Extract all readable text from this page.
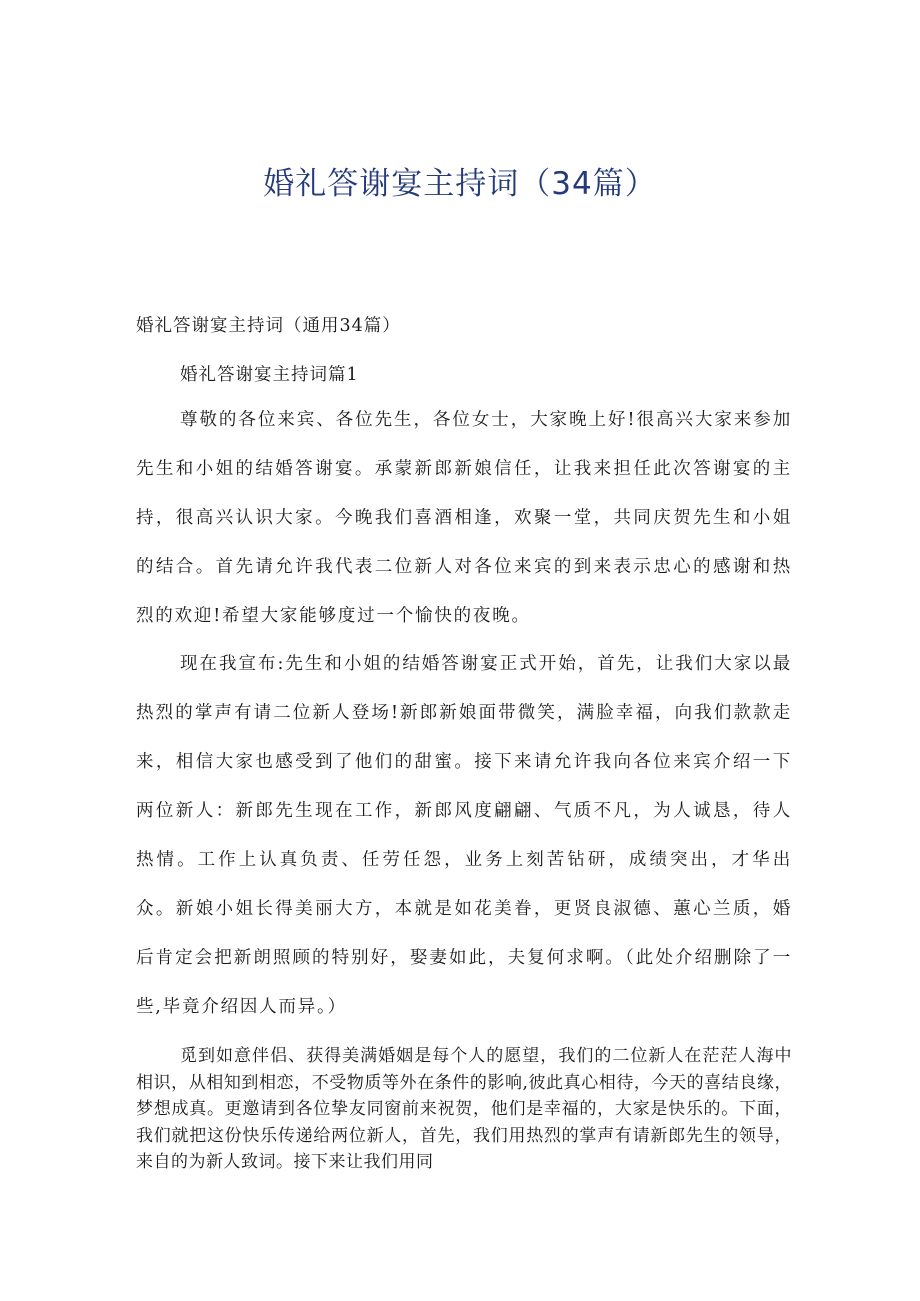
婚礼答谢宴主持词（34篇）

婚礼答谢宴主持词（通用34篇）

婚礼答谢宴主持词篇1

尊敬的各位来宾、各位先生，各位女士，大家晚上好!很高兴大家来参加先生和小姐的结婚答谢宴。承蒙新郎新娘信任，让我来担任此次答谢宴的主持，很高兴认识大家。今晚我们喜酒相逢，欢聚一堂，共同庆贺先生和小姐的结合。首先请允许我代表二位新人对各位来宾的到来表示忠心的感谢和热烈的欢迎!希望大家能够度过一个愉快的夜晚。

现在我宣布:先生和小姐的结婚答谢宴正式开始，首先，让我们大家以最热烈的掌声有请二位新人登场!新郎新娘面带微笑，满脸幸福，向我们款款走来，相信大家也感受到了他们的甜蜜。接下来请允许我向各位来宾介绍一下两位新人：新郎先生现在工作，新郎风度翩翩、气质不凡，为人诚恳，待人热情。工作上认真负责、任劳任怨，业务上刻苦钻研，成绩突出，才华出众。新娘小姐长得美丽大方，本就是如花美眷，更贤良淑德、蕙心兰质，婚后肯定会把新朗照顾的特别好，娶妻如此，夫复何求啊。（此处介绍删除了一些,毕竟介绍因人而异。）

觅到如意伴侣、获得美满婚姻是每个人的愿望，我们的二位新人在茫茫人海中相识，从相知到相恋，不受物质等外在条件的影响,彼此真心相待，今天的喜结良缘，梦想成真。更邀请到各位挚友同窗前来祝贺，他们是幸福的，大家是快乐的。下面，我们就把这份快乐传递给两位新人，首先，我们用热烈的掌声有请新郎先生的领导，来自的为新人致词。接下来让我们用同
